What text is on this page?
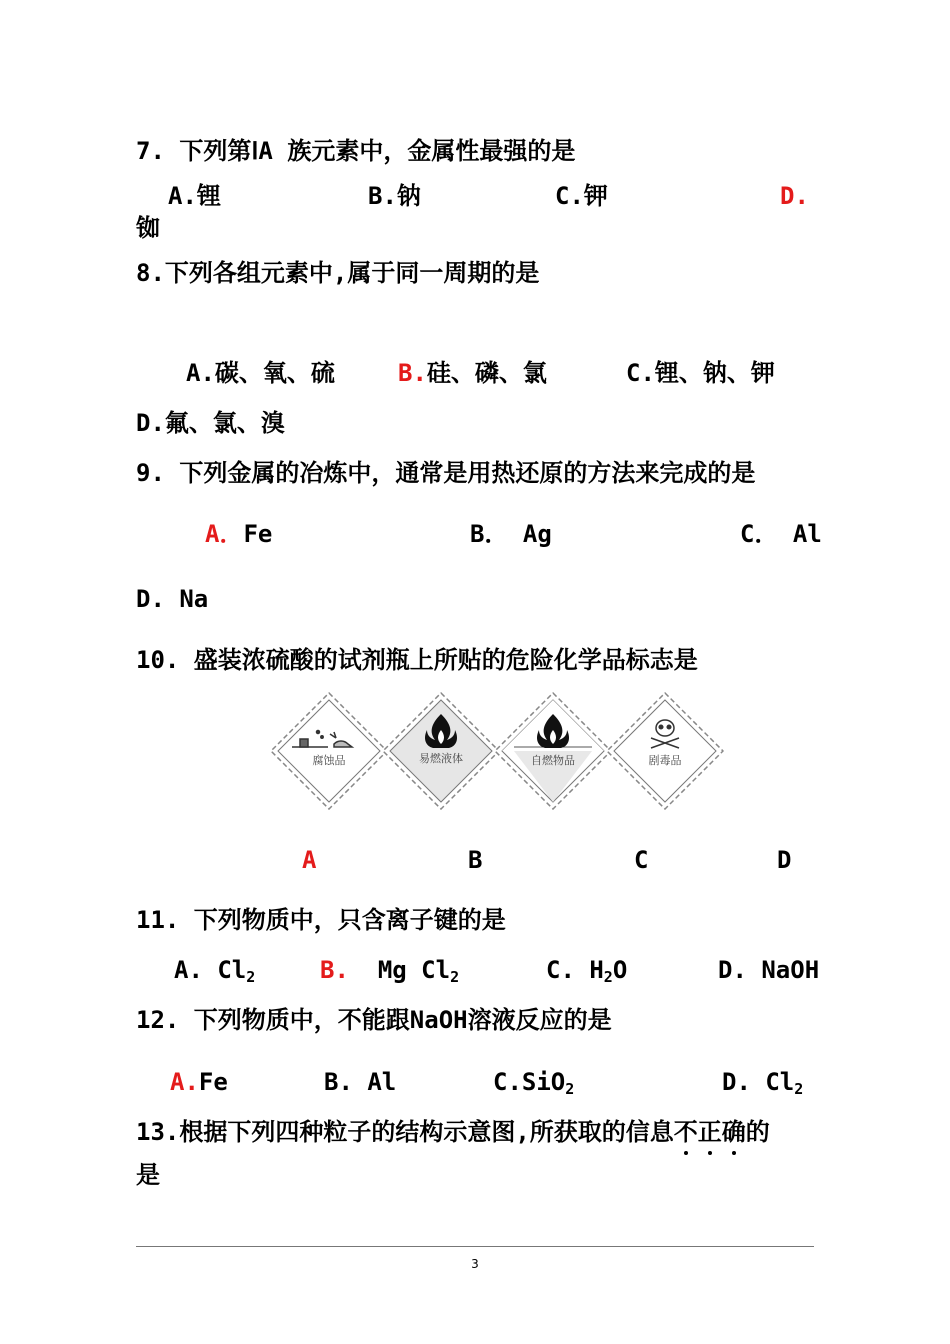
7. 下列第ⅠA 族元素中，金属性最强的是
A.锂	B.钠	C.钾	D.
铷
8.下列各组元素中,属于同一周期的是
A.碳、氧、硫	B.硅、磷、氯	C.锂、钠、钾
D.氟、氯、溴
9. 下列金属的冶炼中，通常是用热还原的方法来完成的是
A．Fe	B． Ag	C． Al
D. Na
10. 盛装浓硫酸的试剂瓶上所贴的危险化学品标志是
腐蚀品	易燃液体	自燃物品	剧毒品
A	B	C	D
11. 下列物质中，只含离子键的是
A. $Cl_2$	B. Mg $Cl_2$	C. $H_2O$	D. NaOH
12. 下列物质中，不能跟NaOH溶液反应的是
A.Fe	B. Al	C.SiO$_2$	D. $Cl_2$
13.根据下列四种粒子的结构示意图,所获取的信息不正确的
是
3
